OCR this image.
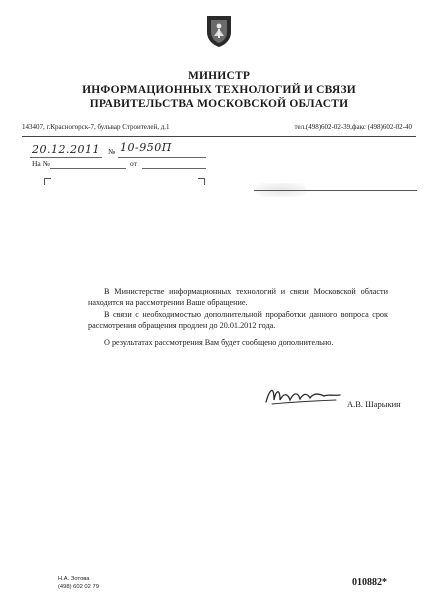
МИНИСТР
ИНФОРМАЦИОННЫХ ТЕХНОЛОГИЙ И СВЯЗИ
ПРАВИТЕЛЬСТВА МОСКОВСКОЙ ОБЛАСТИ
143407, г.Красногорск-7, бульвар Строителей, д.1	тел.(498)602-02-39,факс (498)602-02-40
20.12.2011 № 10-950П
На №	от
В Министерстве информационных технологий и связи Московской области находится на рассмотрении Ваше обращение.
В связи с необходимостью дополнительной проработки данного вопроса срок рассмотрения обращения продлен до 20.01.2012 года.
О результатах рассмотрения Вам будет сообщено дополнительно.
А.В. Шарыкин
Н.А. Зотова
(498) 602 02 79	010882*
